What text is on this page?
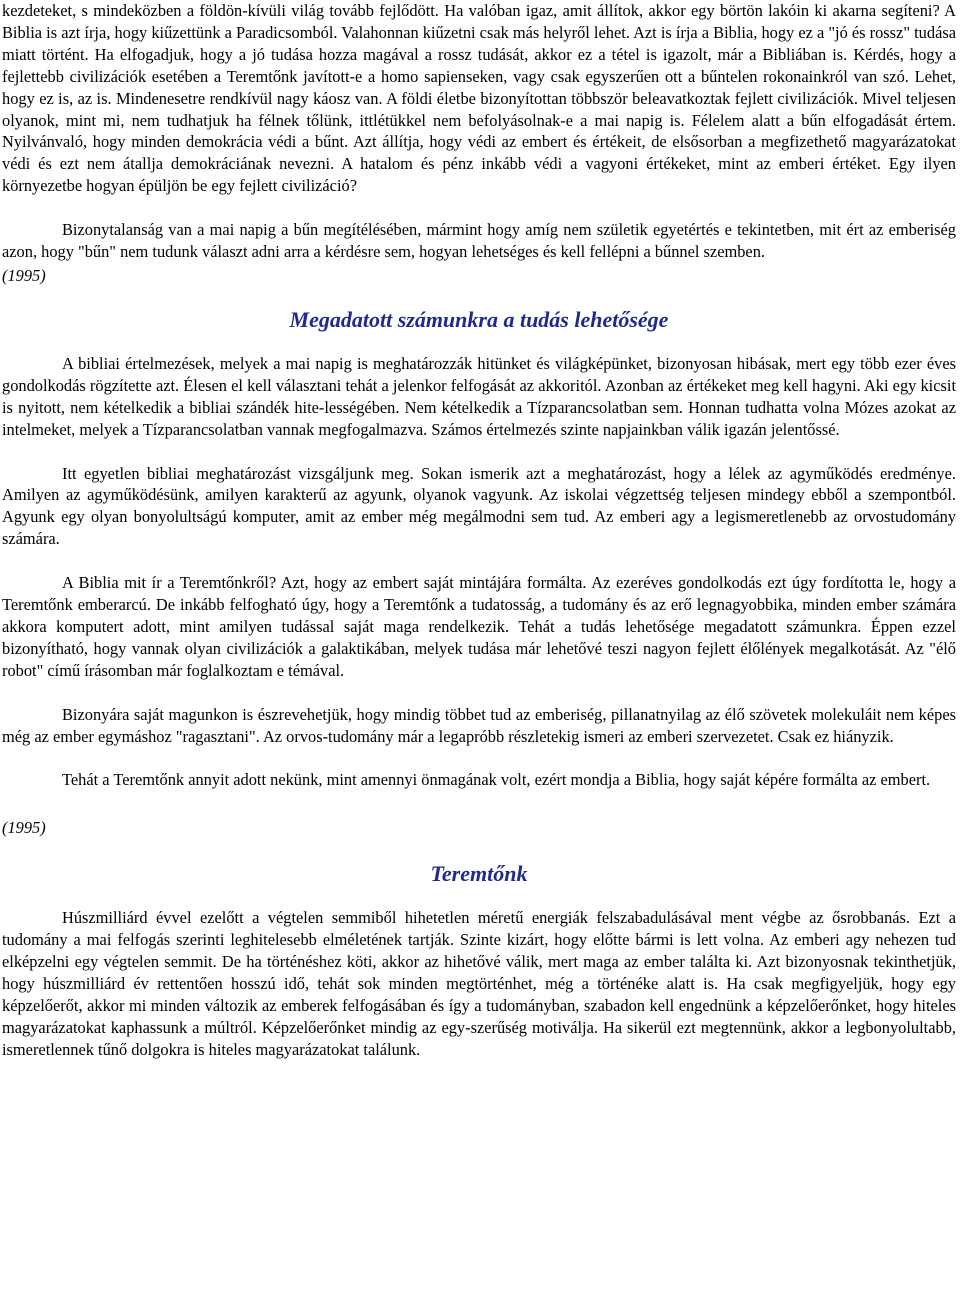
kezdeteket, s mindeközben a földön-kívüli világ tovább fejlődött. Ha valóban igaz, amit állítok, akkor egy börtön lakóin ki akarna segíteni? A Biblia is azt írja, hogy kiűzettünk a Paradicsomból. Valahonnan kiűzetni csak más helyről lehet. Azt is írja a Biblia, hogy ez a "jó és rossz" tudása miatt történt. Ha elfogadjuk, hogy a jó tudása hozza magával a rossz tudását, akkor ez a tétel is igazolt, már a Bibliában is. Kérdés, hogy a fejlettebb civilizációk esetében a Teremtőnk javított-e a homo sapienseken, vagy csak egyszerűen ott a bűntelen rokonainkról van szó. Lehet, hogy ez is, az is. Mindenesetre rendkívül nagy káosz van. A földi életbe bizonyítottan többször beleavatkoztak fejlett civilizációk. Mivel teljesen olyanok, mint mi, nem tudhatjuk ha félnek tőlünk, ittlétükkel nem befolyásolnak-e a mai napig is. Félelem alatt a bűn elfogadását értem. Nyilvánvaló, hogy minden demokrácia védi a bűnt. Azt állítja, hogy védi az embert és értékeit, de elsősorban a megfizethető magyarázatokat védi és ezt nem átallja demokráciának nevezni. A hatalom és pénz inkább védi a vagyoni értékeket, mint az emberi értéket. Egy ilyen környezetbe hogyan épüljön be egy fejlett civilizáció?

Bizonytalanság van a mai napig a bűn megítélésében, mármint hogy amíg nem születik egyetértés e tekintetben, mit ért az emberiség azon, hogy "bűn" nem tudunk választ adni arra a kérdésre sem, hogyan lehetséges és kell fellépni a bűnnel szemben.

(1995)

Megadatott számunkra a tudás lehetősége

A bibliai értelmezések, melyek a mai napig is meghatározzák hitünket és világképünket, bizonyosan hibásak, mert egy több ezer éves gondolkodás rögzítette azt. Élesen el kell választani tehát a jelenkor felfogását az akkoritól. Azonban az értékeket meg kell hagyni. Aki egy kicsit is nyitott, nem kételkedik a bibliai szándék hite-lességében. Nem kételkedik a Tízparancsolatban sem. Honnan tudhatta volna Mózes azokat az intelmeket, melyek a Tízparancsolatban vannak megfogalmazva. Számos értelmezés szinte napjainkban válik igazán jelentőssé.

Itt egyetlen bibliai meghatározást vizsgáljunk meg. Sokan ismerik azt a meghatározást, hogy a lélek az agyműködés eredménye. Amilyen az agyműködésünk, amilyen karakterű az agyunk, olyanok vagyunk. Az iskolai végzettség teljesen mindegy ebből a szempontból. Agyunk egy olyan bonyolultságú komputer, amit az ember még megálmodni sem tud. Az emberi agy a legismeretlenebb az orvostudomány számára.

A Biblia mit ír a Teremtőnkről? Azt, hogy az embert saját mintájára formálta. Az ezeréves gondolkodás ezt úgy fordította le, hogy a Teremtőnk emberarcú. De inkább felfogható úgy, hogy a Teremtőnk a tudatosság, a tudomány és az erő legnagyobbika, minden ember számára akkora komputert adott, mint amilyen tudással saját maga rendelkezik. Tehát a tudás lehetősége megadatott számunkra. Éppen ezzel bizonyítható, hogy vannak olyan civilizációk a galaktikában, melyek tudása már lehetővé teszi nagyon fejlett élőlények megalkotását. Az "élő robot" című írásomban már foglalkoztam e témával.

Bizonyára saját magunkon is észrevehetjük, hogy mindig többet tud az emberiség, pillanatnyilag az élő szövetek molekuláit nem képes még az ember egymáshoz "ragasztani". Az orvos-tudomány már a legapróbb részletekig ismeri az emberi szervezetet. Csak ez hiányzik.

Tehát a Teremtőnk annyit adott nekünk, mint amennyi önmagának volt, ezért mondja a Biblia, hogy saját képére formálta az embert.

(1995)

Teremtőnk

Húszmilliárd évvel ezelőtt a végtelen semmiből hihetetlen méretű energiák felszabadulásával ment végbe az ősrobbanás. Ezt a tudomány a mai felfogás szerinti leghitelesebb elméletének tartják. Szinte kizárt, hogy előtte bármi is lett volna. Az emberi agy nehezen tud elképzelni egy végtelen semmit. De ha történéshez köti, akkor az hihetővé válik, mert maga az ember találta ki. Azt bizonyosnak tekinthetjük, hogy húszmilliárd év rettentően hosszú idő, tehát sok minden megtörténhet, még a történéke alatt is. Ha csak megfigyeljük, hogy egy képzelőerőt, akkor mi minden változik az emberek felfogásában és így a tudományban, szabadon kell engednünk a képzelőerőnket, hogy hiteles magyarázatokat kaphassunk a múltról. Képzelőerőnket mindig az egy-szerűség motiválja. Ha sikerül ezt megtennünk, akkor a legbonyolultabb, ismeretlennek tűnő dolgokra is hiteles magyarázatokat találunk.
